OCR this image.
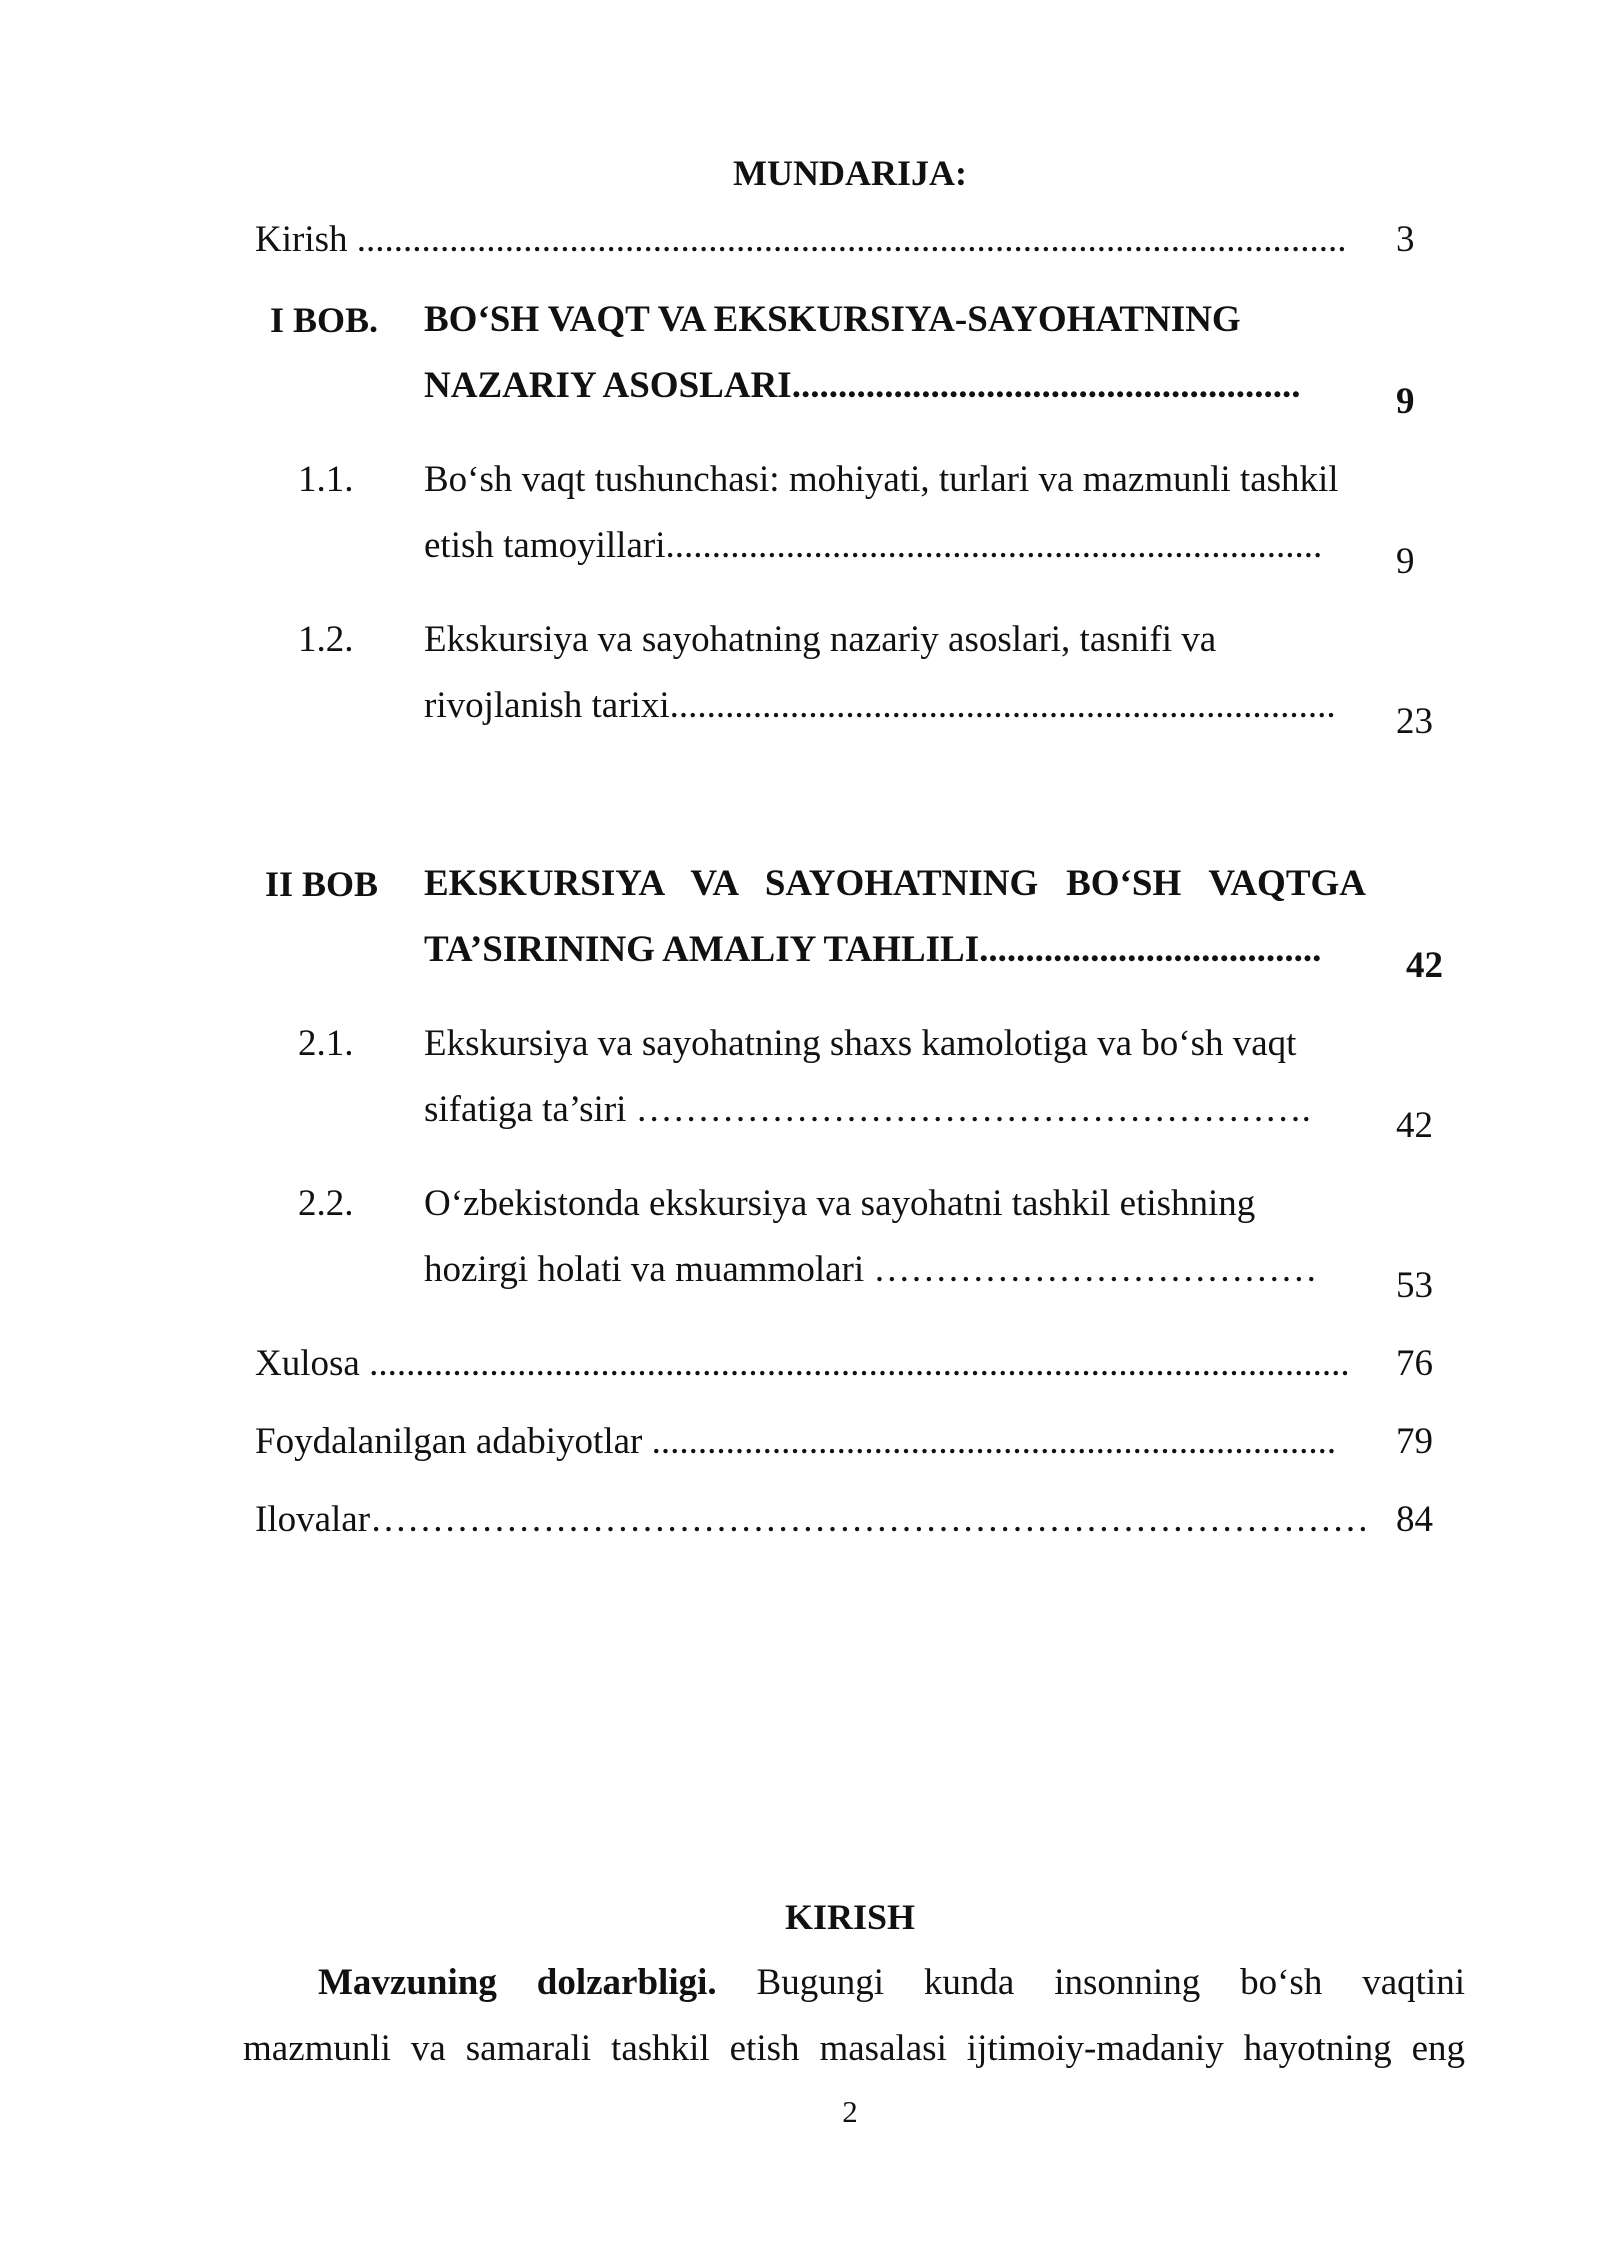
MUNDARIJA:
Kirish ........................................................................................................... 3
I BOB. BO‘SH VAQT VA EKSKURSIYA-SAYOHATNING
NAZARIY ASOSLARI.......................................................	9
1.1. Bo‘sh vaqt tushunchasi: mohiyati, turlari va mazmunli tashkil
etish tamoyillari....................................................................... 9
1.2. Ekskursiya va sayohatning nazariy asoslari, tasnifi va
rivojlanish tarixi........................................................................ 23
II BOB EKSKURSIYA VA SAYOHATNING BO‘SH VAQTGA
TA’SIRINING AMALIY TAHLILI..................................... 42
2.1. Ekskursiya va sayohatning shaxs kamolotiga va bo‘sh vaqt
sifatiga ta’siri ………………………………………………. 42
2.2. O‘zbekistonda ekskursiya va sayohatni tashkil etishning
hozirgi holati va muammolari ……………………………… 53
Xulosa .......................................................................................................... 76
Foydalanilgan adabiyotlar .......................................................................... 79
Ilovalar……………………………………………………………………… 84
KIRISH
Mavzuning dolzarbligi. Bugungi kunda insonning bo‘sh vaqtini
mazmunli va samarali tashkil etish masalasi ijtimoiy-madaniy hayotning eng
2
